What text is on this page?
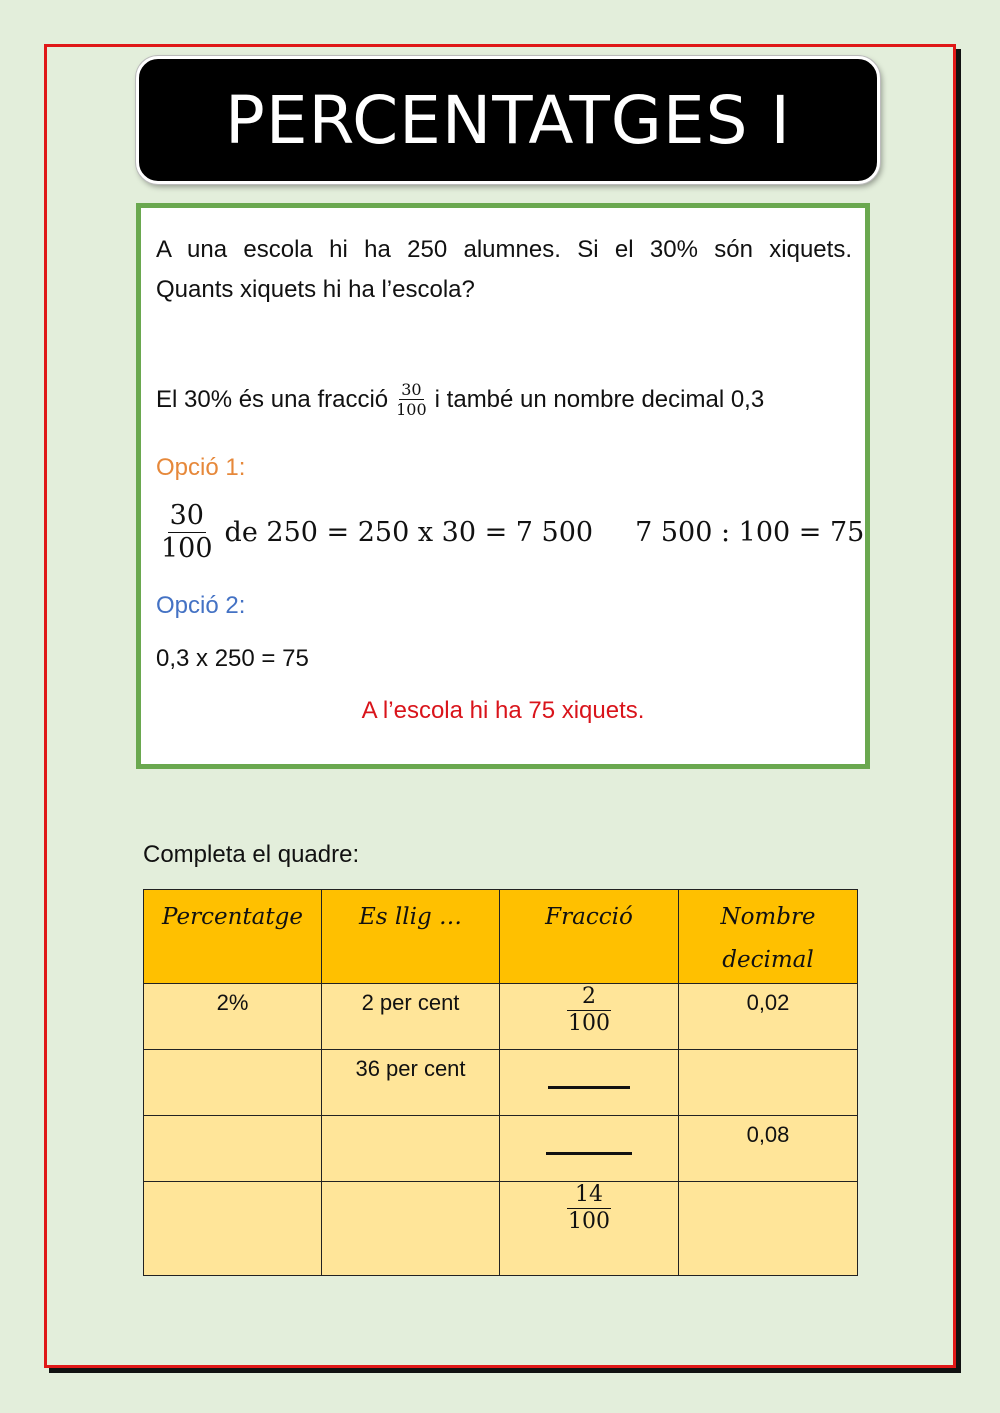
PERCENTATGES I
A una escola hi ha 250 alumnes. Si el 30% són xiquets.
Quants xiquets hi ha l’escola?
El 30% és una fracció $\frac{30}{100}$ i també un nombre decimal 0,3
Opció 1:
$\frac{30}{100}$ de 250 = 250 x 30 = 7 500 7 500 : 100 = 75
Opció 2:
0,3 x 250 = 75
A l’escola hi ha 75 xiquets.
Completa el quadre:
Percentatge	Es llig …	Fracció	Nombre
decimal

2%	2 per cent	$\frac{2}{100}$	0,02
	36 per cent		
			0,08

		$\frac{14}{100}$
